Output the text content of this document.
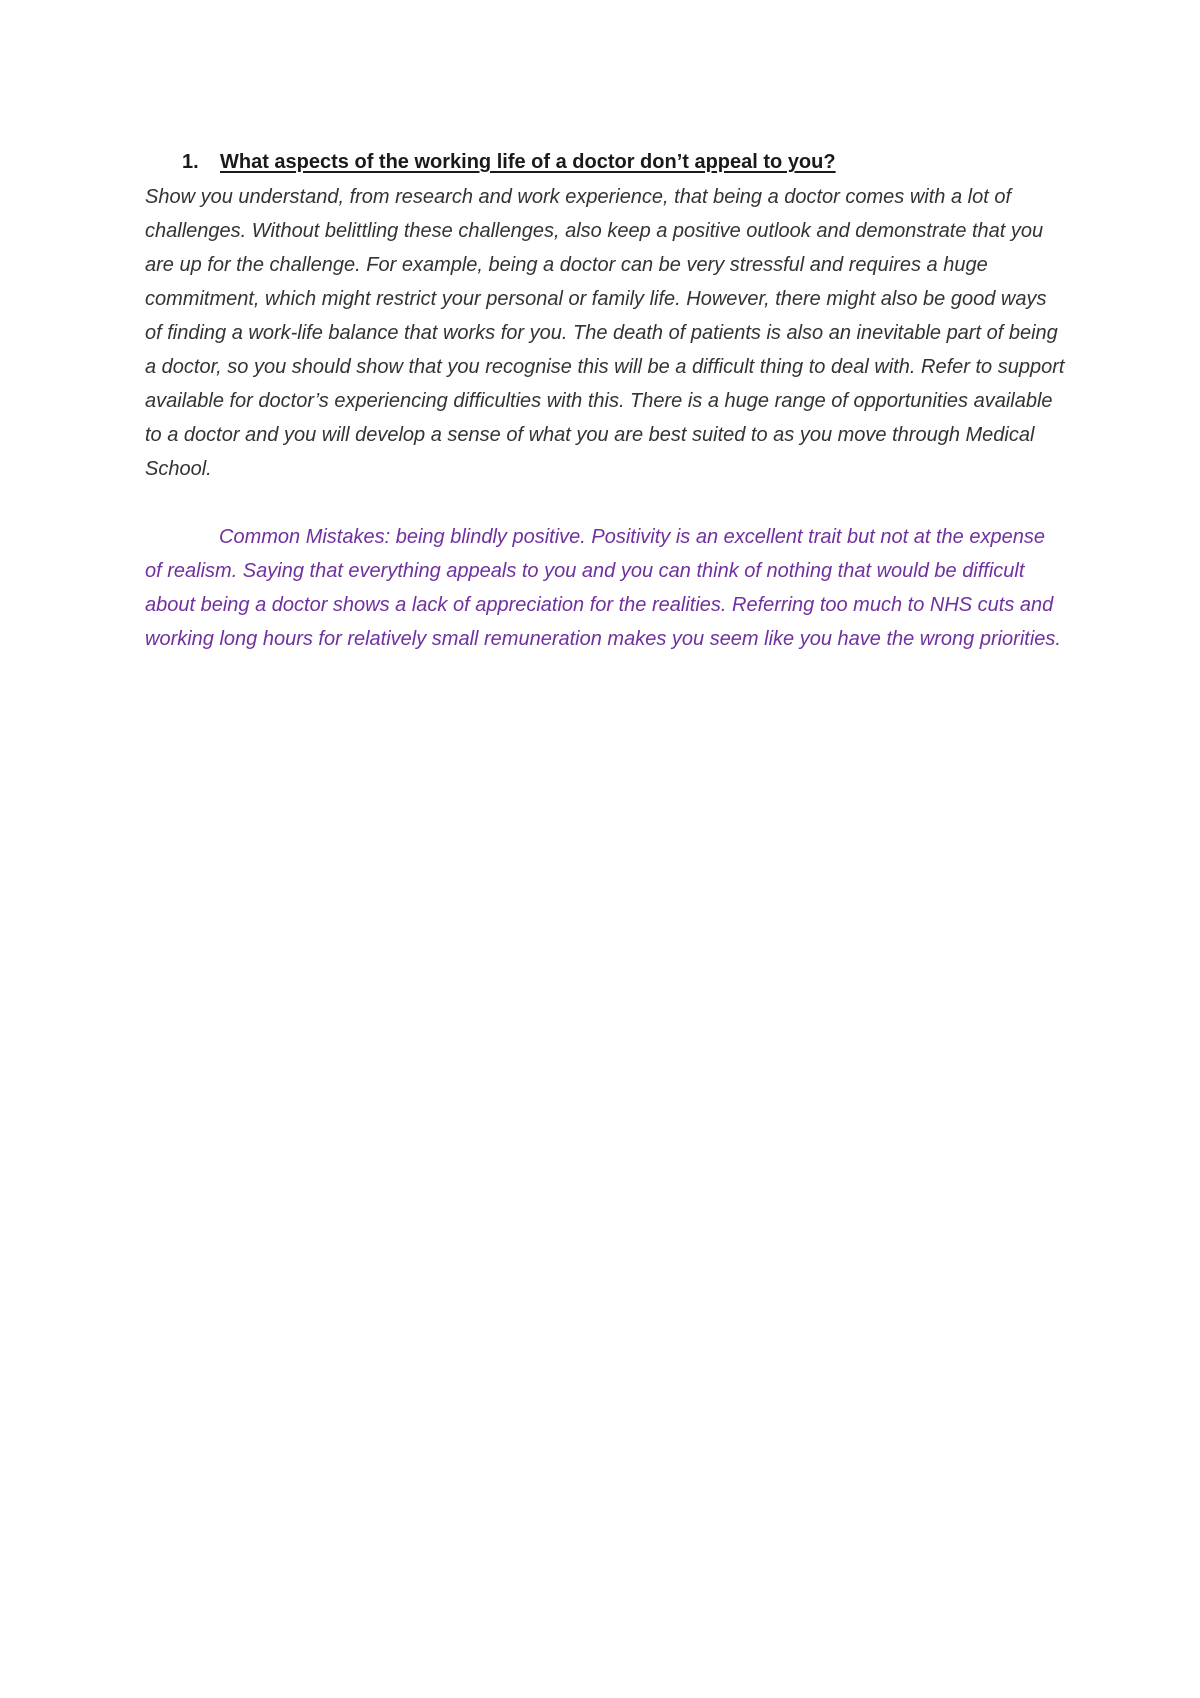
1. What aspects of the working life of a doctor don’t appeal to you?
Show you understand, from research and work experience, that being a doctor comes with a lot of challenges. Without belittling these challenges, also keep a positive outlook and demonstrate that you are up for the challenge. For example, being a doctor can be very stressful and requires a huge commitment, which might restrict your personal or family life. However, there might also be good ways of finding a work-life balance that works for you. The death of patients is also an inevitable part of being a doctor, so you should show that you recognise this will be a difficult thing to deal with. Refer to support available for doctor’s experiencing difficulties with this. There is a huge range of opportunities available to a doctor and you will develop a sense of what you are best suited to as you move through Medical School.
Common Mistakes: being blindly positive. Positivity is an excellent trait but not at the expense of realism. Saying that everything appeals to you and you can think of nothing that would be difficult about being a doctor shows a lack of appreciation for the realities. Referring too much to NHS cuts and working long hours for relatively small remuneration makes you seem like you have the wrong priorities.
